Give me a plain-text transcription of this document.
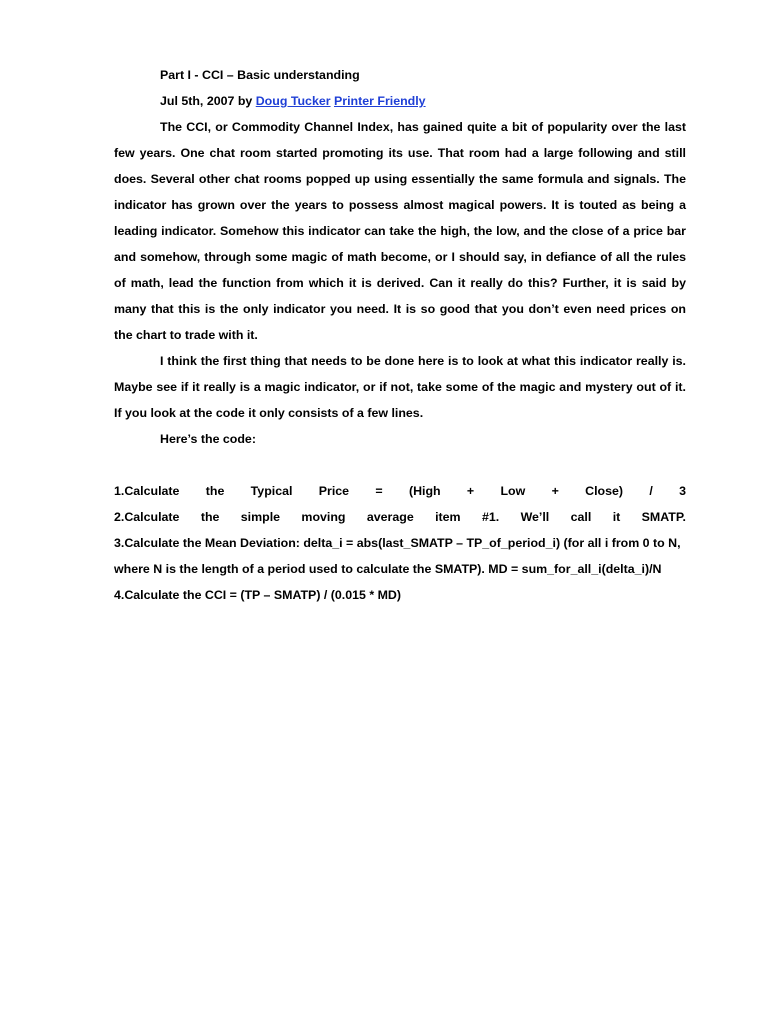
Part I - CCI – Basic understanding

Jul 5th, 2007 by Doug Tucker Printer Friendly

The CCI, or Commodity Channel Index, has gained quite a bit of popularity over the last few years. One chat room started promoting its use. That room had a large following and still does. Several other chat rooms popped up using essentially the same formula and signals. The indicator has grown over the years to possess almost magical powers. It is touted as being a leading indicator. Somehow this indicator can take the high, the low, and the close of a price bar and somehow, through some magic of math become, or I should say, in defiance of all the rules of math, lead the function from which it is derived. Can it really do this? Further, it is said by many that this is the only indicator you need. It is so good that you don’t even need prices on the chart to trade with it.

I think the first thing that needs to be done here is to look at what this indicator really is. Maybe see if it really is a magic indicator, or if not, take some of the magic and mystery out of it. If you look at the code it only consists of a few lines.

Here’s the code:

1.Calculate the Typical Price = (High + Low + Close) / 3
2.Calculate the simple moving average item #1. We’ll call it SMATP.

3.Calculate the Mean Deviation: delta_i = abs(last_SMATP – TP_of_period_i) (for all i from 0 to N,

where N is the length of a period used to calculate the SMATP). MD = sum_for_all_i(delta_i)/N

4.Calculate the CCI = (TP – SMATP) / (0.015 * MD)
